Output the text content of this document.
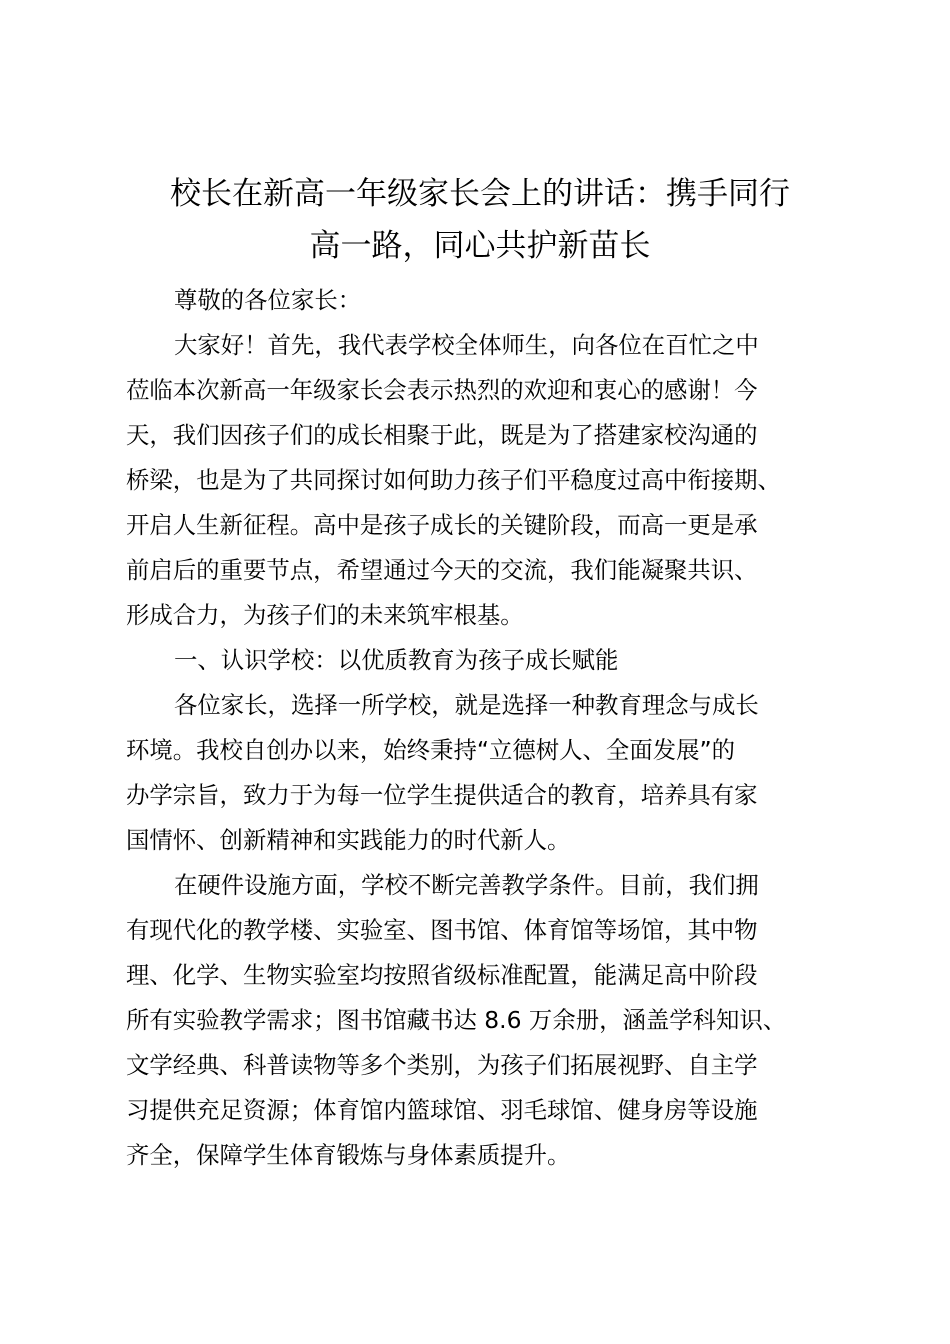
校长在新高一年级家长会上的讲话：携手同行
高一路，同心共护新苗长
尊敬的各位家长：
大家好！首先，我代表学校全体师生，向各位在百忙之中
莅临本次新高一年级家长会表示热烈的欢迎和衷心的感谢！今
天，我们因孩子们的成长相聚于此，既是为了搭建家校沟通的
桥梁，也是为了共同探讨如何助力孩子们平稳度过高中衔接期、
开启人生新征程。高中是孩子成长的关键阶段，而高一更是承
前启后的重要节点，希望通过今天的交流，我们能凝聚共识、
形成合力，为孩子们的未来筑牢根基。
一、认识学校：以优质教育为孩子成长赋能
各位家长，选择一所学校，就是选择一种教育理念与成长
环境。我校自创办以来，始终秉持“立德树人、全面发展”的
办学宗旨，致力于为每一位学生提供适合的教育，培养具有家
国情怀、创新精神和实践能力的时代新人。
在硬件设施方面，学校不断完善教学条件。目前，我们拥
有现代化的教学楼、实验室、图书馆、体育馆等场馆，其中物
理、化学、生物实验室均按照省级标准配置，能满足高中阶段
所有实验教学需求；图书馆藏书达 8.6 万余册，涵盖学科知识、
文学经典、科普读物等多个类别，为孩子们拓展视野、自主学
习提供充足资源；体育馆内篮球馆、羽毛球馆、健身房等设施
齐全，保障学生体育锻炼与身体素质提升。
